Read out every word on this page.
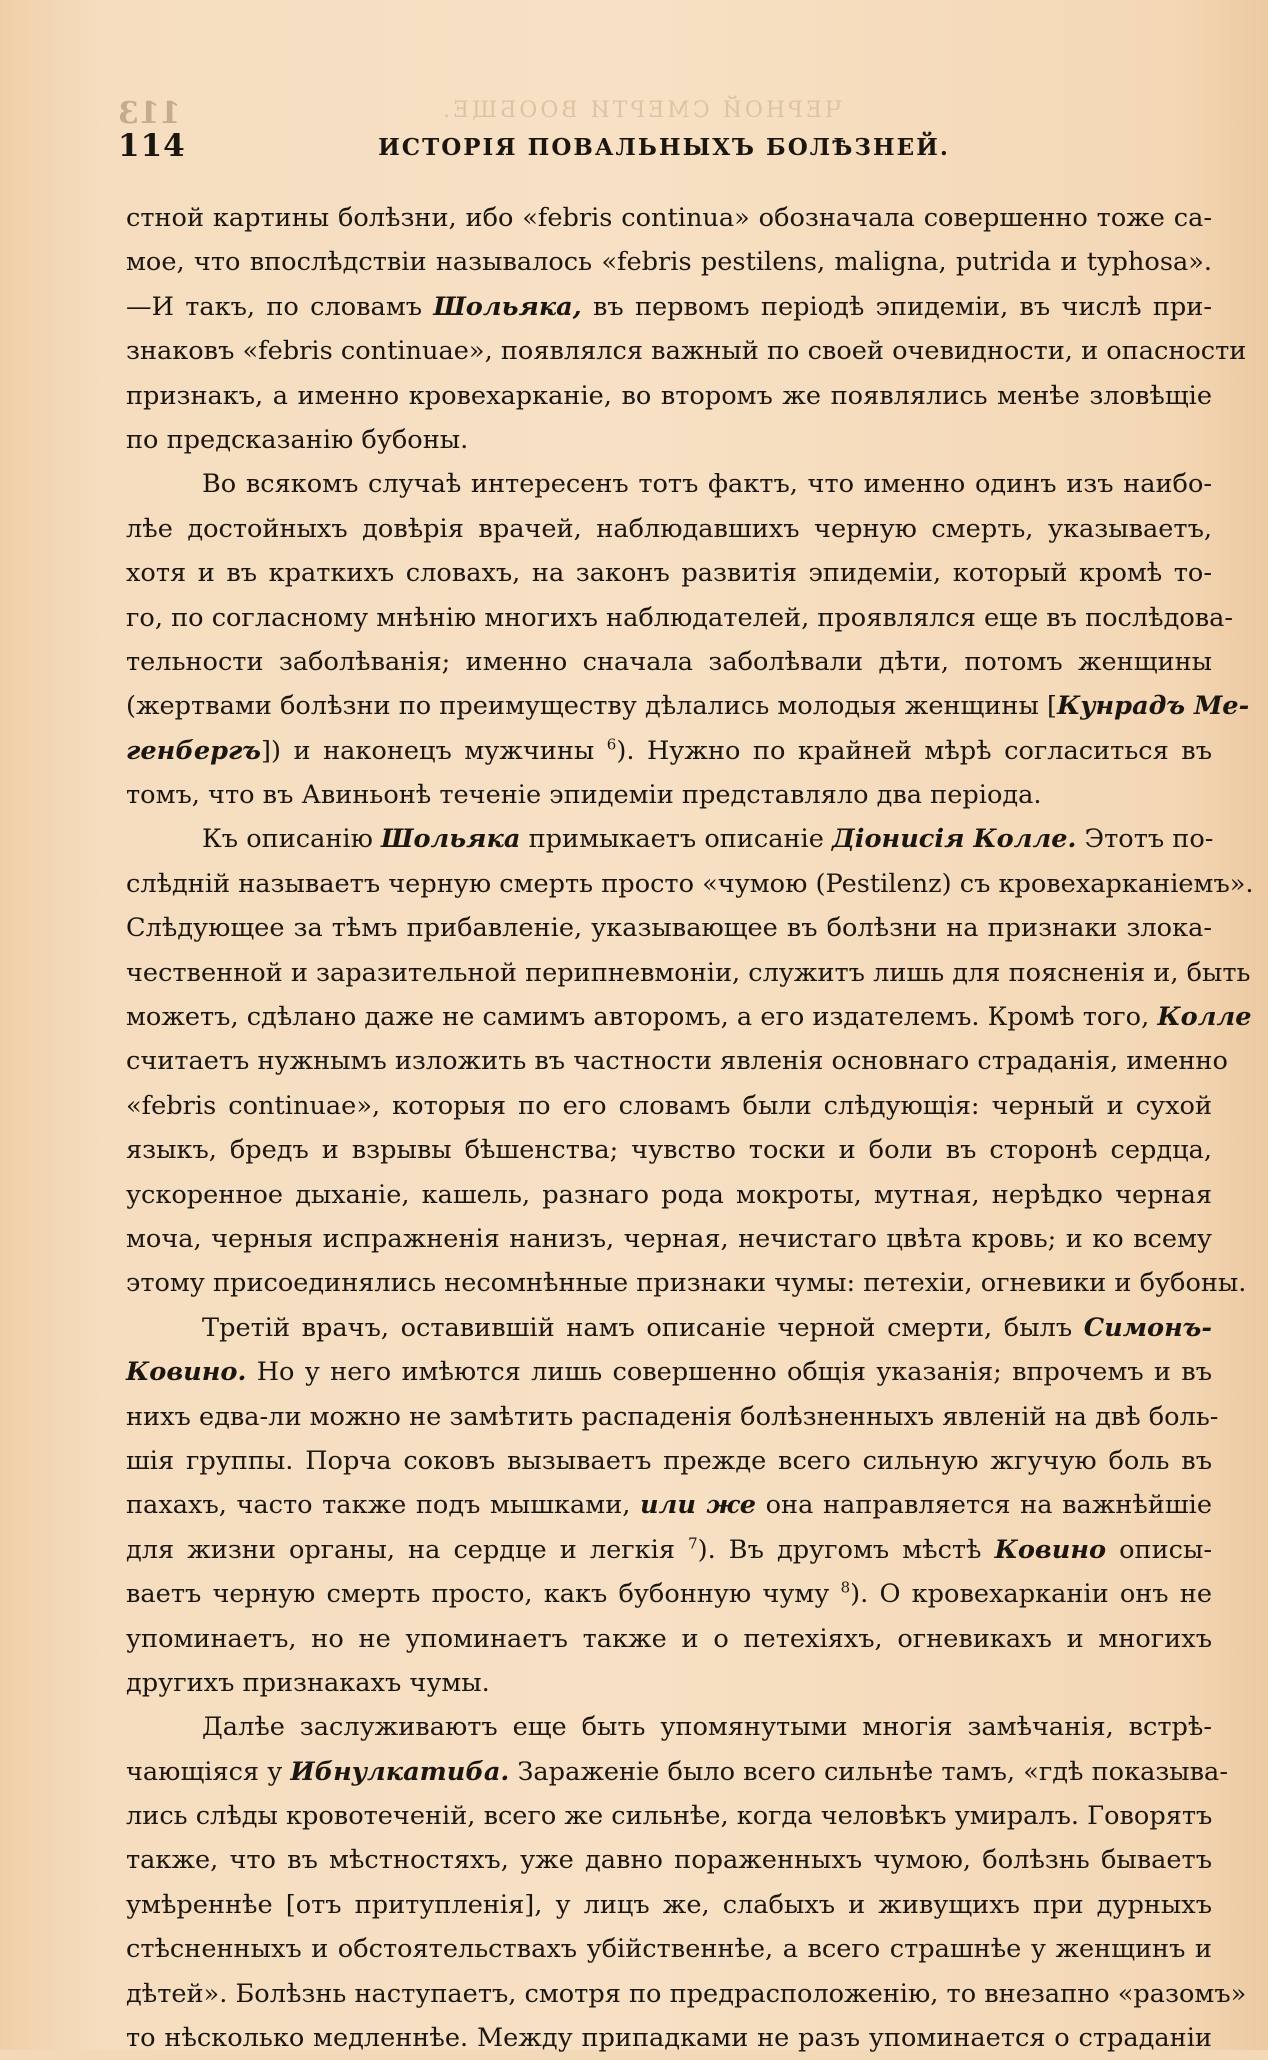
113	ЧЕРНОЙ СМЕРТИ ВООБЩЕ.
114	ИСТОРІЯ ПОВАЛЬНЫХЪ БОЛѢЗНЕЙ.
стной картины болѣзни, ибо «febris continua» обозначала совершенно тоже са-
мое, что впослѣдствіи называлось «febris pestilens, maligna, putrida и typhosa».
—И такъ, по словамъ Шольяка, въ первомъ періодѣ эпидеміи, въ числѣ при-
знаковъ «febris continuae», появлялся важный по своей очевидности, и опасности
признакъ, а именно кровехарканіе, во второмъ же появлялись менѣе зловѣщіе
по предсказанію бубоны.
Во всякомъ случаѣ интересенъ тотъ фактъ, что именно одинъ изъ наибо-
лѣе достойныхъ довѣрія врачей, наблюдавшихъ черную смерть, указываетъ,
хотя и въ краткихъ словахъ, на законъ развитія эпидеміи, который кромѣ то-
го, по согласному мнѣнію многихъ наблюдателей, проявлялся еще въ послѣдова-
тельности заболѣванія; именно сначала заболѣвали дѣти, потомъ женщины
(жертвами болѣзни по преимуществу дѣлались молодыя женщины [Кунрадъ Ме-
генбергъ]) и наконецъ мужчины $^6$). Нужно по крайней мѣрѣ согласиться въ
томъ, что въ Авиньонѣ теченіе эпидеміи представляло два періода.
Къ описанію Шольяка примыкаетъ описаніе Діонисія Колле. Этотъ по-
слѣдній называетъ черную смерть просто «чумою (Pestilenz) съ кровехарканіемъ».
Слѣдующее за тѣмъ прибавленіе, указывающее въ болѣзни на признаки злока-
чественной и заразительной перипневмоніи, служитъ лишь для поясненія и, быть
можетъ, сдѣлано даже не самимъ авторомъ, а его издателемъ. Кромѣ того, Колле
считаетъ нужнымъ изложить въ частности явленія основнаго страданія, именно
«febris continuae», которыя по его словамъ были слѣдующія: черный и сухой
языкъ, бредъ и взрывы бѣшенства; чувство тоски и боли въ сторонѣ сердца,
ускоренное дыханіе, кашель, разнаго рода мокроты, мутная, нерѣдко черная
моча, черныя испражненія нанизъ, черная, нечистаго цвѣта кровь; и ко всему
этому присоединялись несомнѣнные признаки чумы: петехіи, огневики и бубоны.
Третій врачъ, оставившій намъ описаніе черной смерти, былъ Симонъ-
Ковино. Но у него имѣются лишь совершенно общія указанія; впрочемъ и въ
нихъ едва-ли можно не замѣтить распаденія болѣзненныхъ явленій на двѣ боль-
шія группы. Порча соковъ вызываетъ прежде всего сильную жгучую боль въ
пахахъ, часто также подъ мышками, или же она направляется на важнѣйшіе
для жизни органы, на сердце и легкія $^7$). Въ другомъ мѣстѣ Ковино описы-
ваетъ черную смерть просто, какъ бубонную чуму $^8$). О кровехарканіи онъ не
упоминаетъ, но не упоминаетъ также и о петехіяхъ, огневикахъ и многихъ
другихъ признакахъ чумы.
Далѣе заслуживаютъ еще быть упомянутыми многія замѣчанія, встрѣ-
чающіяся у Ибнулкатиба. Зараженіе было всего сильнѣе тамъ, «гдѣ показыва-
лись слѣды кровотеченій, всего же сильнѣе, когда человѣкъ умиралъ. Говорятъ
также, что въ мѣстностяхъ, уже давно пораженныхъ чумою, болѣзнь бываетъ
умѣреннѣе [отъ притупленія], у лицъ же, слабыхъ и живущихъ при дурныхъ
стѣсненныхъ и обстоятельствахъ убійственнѣе, а всего страшнѣе у женщинъ и
дѣтей». Болѣзнь наступаетъ, смотря по предрасположенію, то внезапно «разомъ»
то нѣсколько медленнѣе. Между припадками не разъ упоминается о страданіи
